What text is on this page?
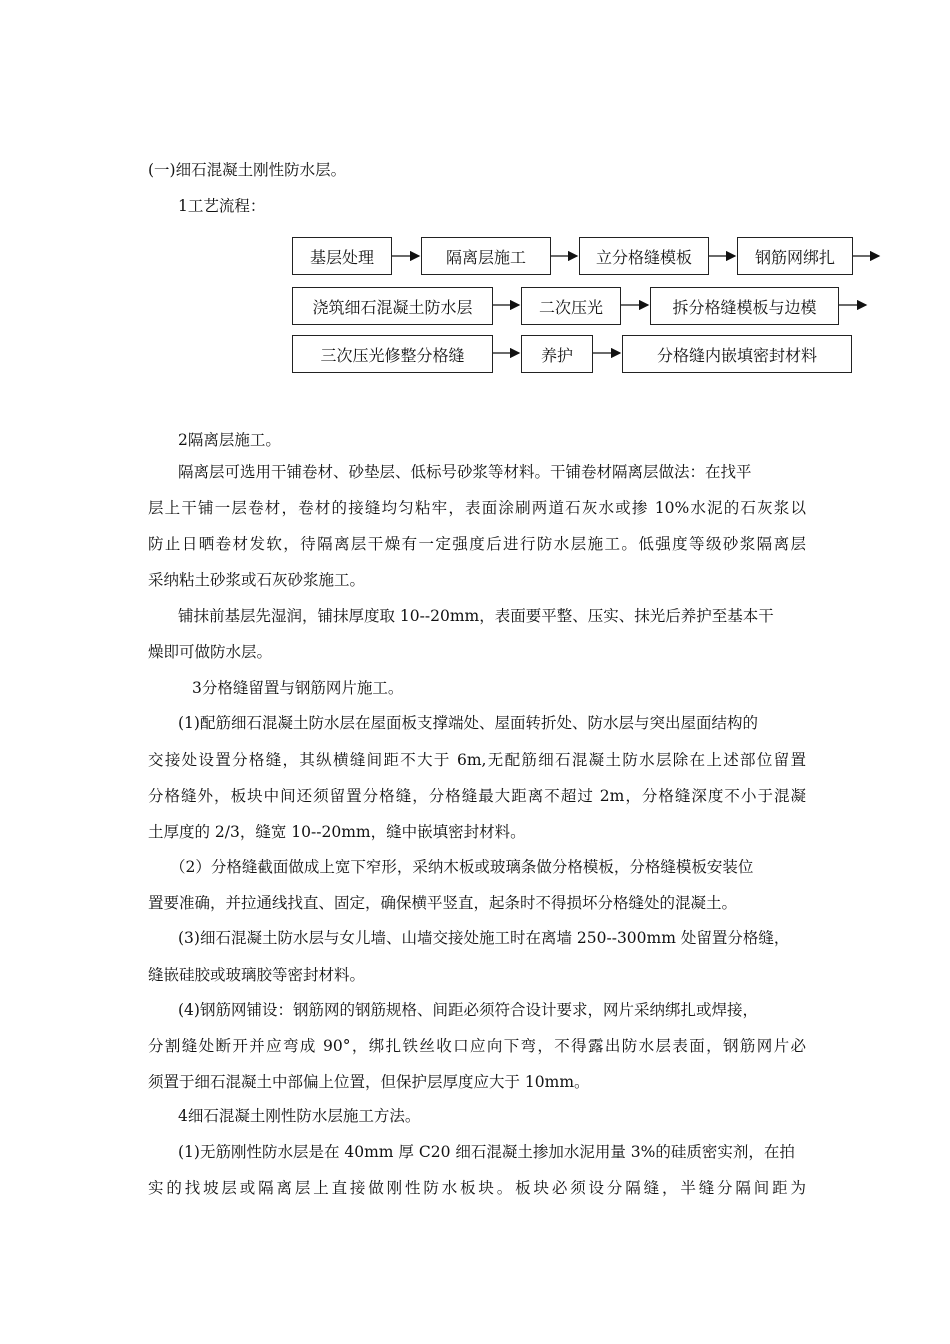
(一)细石混凝土刚性防水层。
1工艺流程：
基层处理	隔离层施工	立分格缝模板	钢筋网绑扎
浇筑细石混凝土防水层	二次压光	拆分格缝模板与边模
三次压光修整分格缝	养护	分格缝内嵌填密封材料
2隔离层施工。
隔离层可选用干铺卷材、砂垫层、低标号砂浆等材料。干铺卷材隔离层做法：在找平
层上干铺一层卷材，卷材的接缝均匀粘牢，表面涂刷两道石灰水或掺 10%水泥的石灰浆以
防止日晒卷材发软，待隔离层干燥有一定强度后进行防水层施工。低强度等级砂浆隔离层
采纳粘土砂浆或石灰砂浆施工。
铺抹前基层先湿润，铺抹厚度取 10--20mm，表面要平整、压实、抹光后养护至基本干
燥即可做防水层。
3分格缝留置与钢筋网片施工。
(1)配筋细石混凝土防水层在屋面板支撑端处、屋面转折处、防水层与突出屋面结构的
交接处设置分格缝，其纵横缝间距不大于 6m,无配筋细石混凝土防水层除在上述部位留置
分格缝外，板块中间还须留置分格缝，分格缝最大距离不超过 2m，分格缝深度不小于混凝
土厚度的 2/3，缝宽 10--20mm，缝中嵌填密封材料。
（2）分格缝截面做成上宽下窄形，采纳木板或玻璃条做分格模板，分格缝模板安装位
置要准确，并拉通线找直、固定，确保横平竖直，起条时不得损坏分格缝处的混凝土。
(3)细石混凝土防水层与女儿墙、山墙交接处施工时在离墙 250--300mm 处留置分格缝，
缝嵌硅胶或玻璃胶等密封材料。
(4)钢筋网铺设：钢筋网的钢筋规格、间距必须符合设计要求，网片采纳绑扎或焊接，
分割缝处断开并应弯成 90°，绑扎铁丝收口应向下弯，不得露出防水层表面，钢筋网片必
须置于细石混凝土中部偏上位置，但保护层厚度应大于 10mm。
4细石混凝土刚性防水层施工方法。
(1)无筋刚性防水层是在 40mm 厚 C20 细石混凝土掺加水泥用量 3%的硅质密实剂，在拍
实的找坡层或隔离层上直接做刚性防水板块。板块必须设分隔缝，半缝分隔间距为
